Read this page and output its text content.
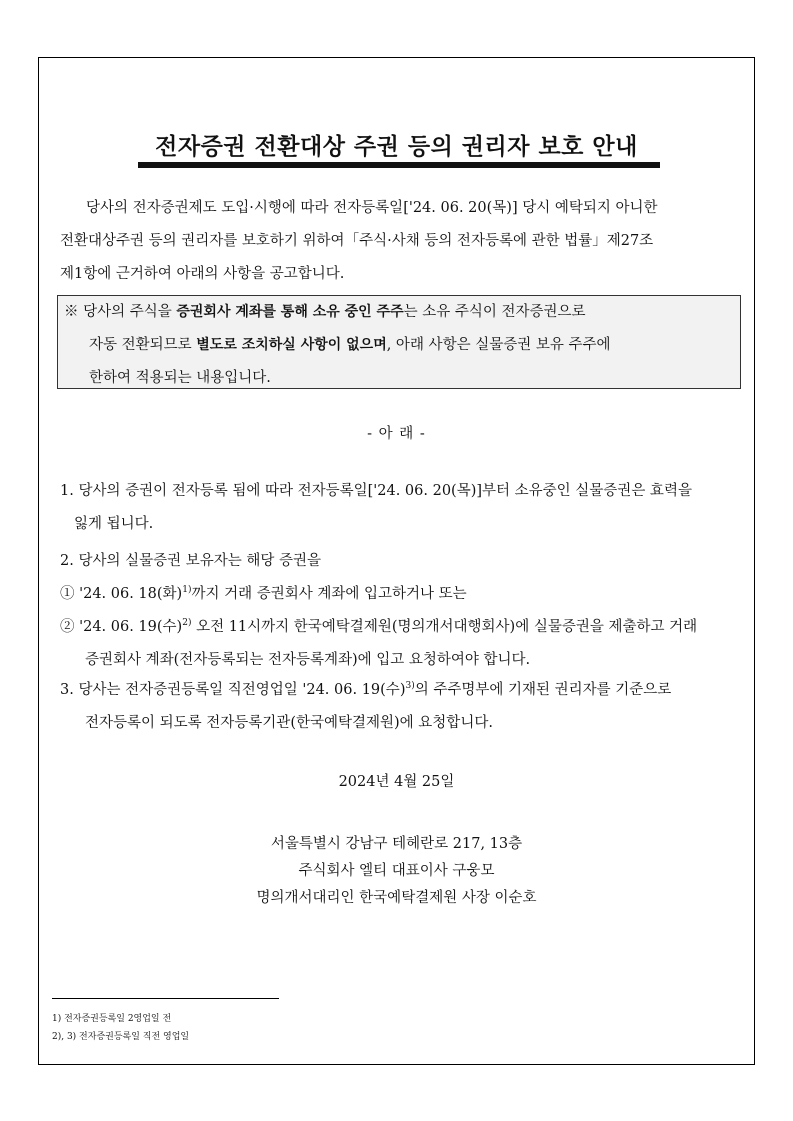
전자증권 전환대상 주권 등의 권리자 보호 안내
당사의 전자증권제도 도입·시행에 따라 전자등록일['24. 06. 20(목)] 당시 예탁되지 아니한
전환대상주권 등의 권리자를 보호하기 위하여「주식·사채 등의 전자등록에 관한 법률」제27조
제1항에 근거하여 아래의 사항을 공고합니다.
※ 당사의 주식을 증권회사 계좌를 통해 소유 중인 주주는 소유 주식이 전자증권으로
자동 전환되므로 별도로 조치하실 사항이 없으며, 아래 사항은 실물증권 보유 주주에
한하여 적용되는 내용입니다.
- 아 래 -
1. 당사의 증권이 전자등록 됨에 따라 전자등록일['24. 06. 20(목)]부터 소유중인 실물증권은 효력을
잃게 됩니다.
2. 당사의 실물증권 보유자는 해당 증권을
① '24. 06. 18(화)$^{1)}$까지 거래 증권회사 계좌에 입고하거나 또는
② '24. 06. 19(수)$^{2)}$ 오전 11시까지 한국예탁결제원(명의개서대행회사)에 실물증권을 제출하고 거래
증권회사 계좌(전자등록되는 전자등록계좌)에 입고 요청하여야 합니다.
3. 당사는 전자증권등록일 직전영업일 '24. 06. 19(수)$^{3)}$의 주주명부에 기재된 권리자를 기준으로
전자등록이 되도록 전자등록기관(한국예탁결제원)에 요청합니다.
2024년 4월 25일
서울특별시 강남구 테헤란로 217, 13층
주식회사 엘티 대표이사 구웅모
명의개서대리인 한국예탁결제원 사장 이순호
1) 전자증권등록일 2영업일 전
2), 3) 전자증권등록일 직전 영업일
